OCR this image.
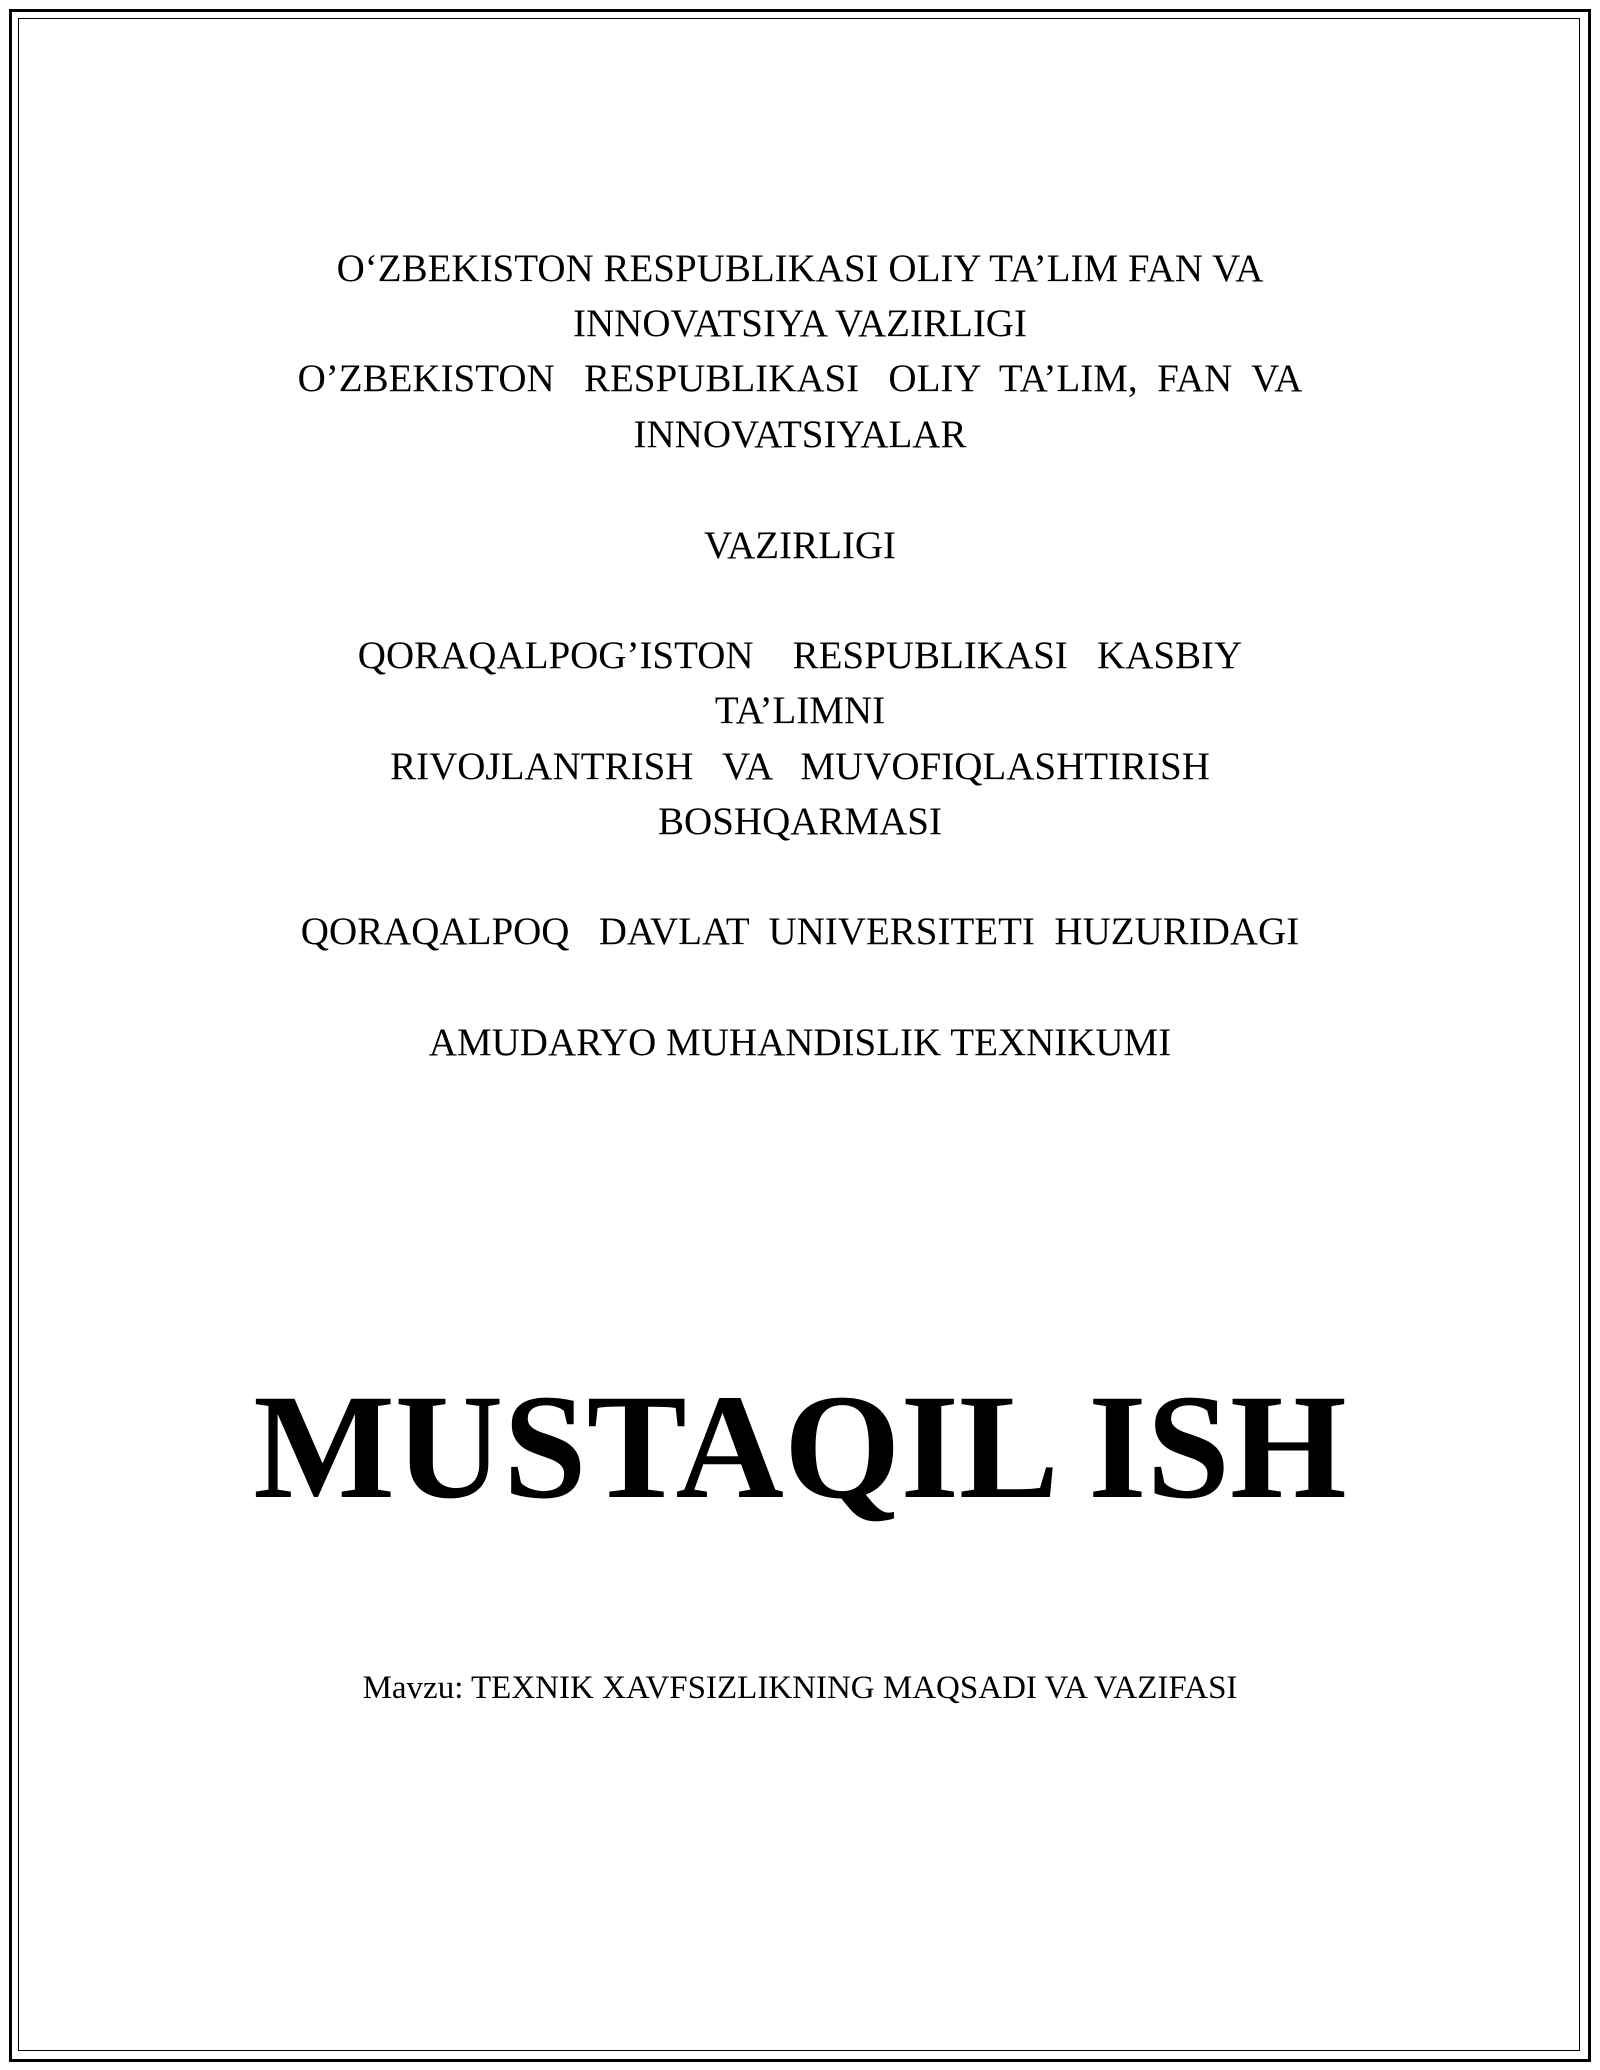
O‘ZBEKISTON RESPUBLIKASI OLIY TA’LIM FAN VA
INNOVATSIYA VAZIRLIGI
O’ZBEKISTON   RESPUBLIKASI   OLIY  TA’LIM,  FAN  VA
INNOVATSIYALAR
VAZIRLIGI
QORAQALPOG’ISTON    RESPUBLIKASI   KASBIY
TA’LIMNI
RIVOJLANTRISH   VA   MUVOFIQLASHTIRISH
BOSHQARMASI
QORAQALPOQ   DAVLAT  UNIVERSITETI  HUZURIDAGI
AMUDARYO MUHANDISLIK TEXNIKUMI
MUSTAQIL ISH
Mavzu: TEXNIK XAVFSIZLIKNING MAQSADI VA VAZIFASI
